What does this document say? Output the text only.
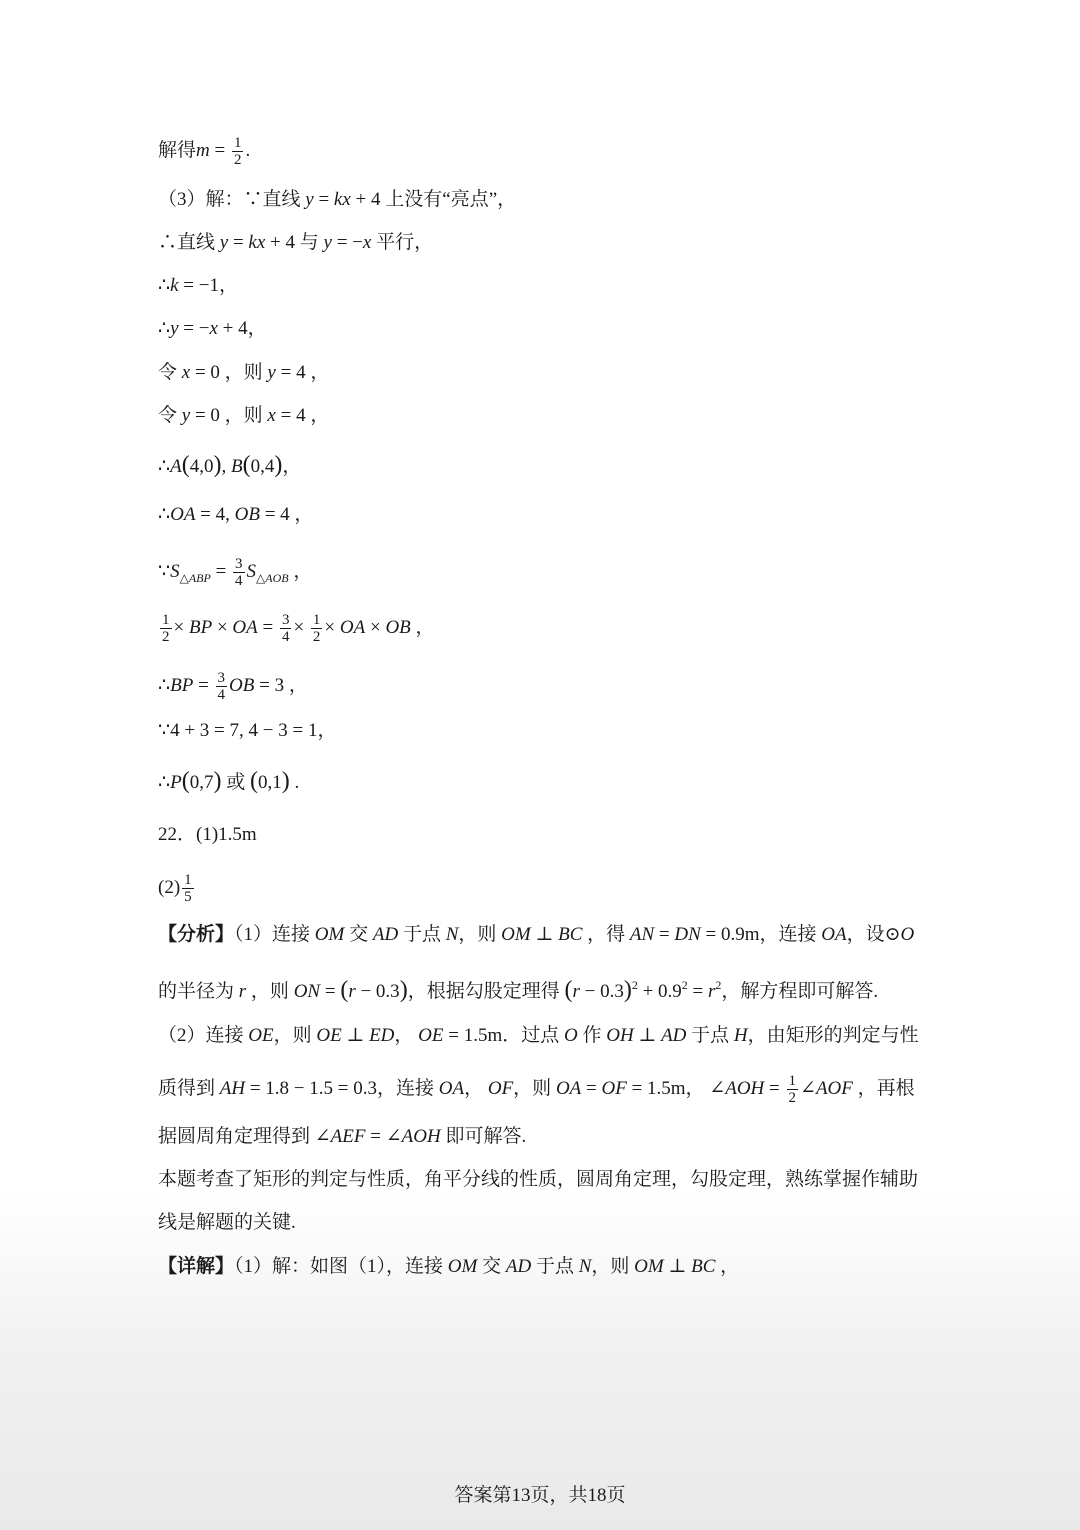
解得$m = \frac{1}{2}$ .
（3）解：∵直线 y = kx + 4 上没有“亮点”，
∴直线 y = kx + 4 与 y = −x 平行，
∴k = −1，
∴y = −x + 4，
令 x = 0 ，则 y = 4 ，
令 y = 0 ，则 x = 4 ，
∴A(4,0), B(0,4)，
∴OA = 4, OB = 4 ，
$\because S_{\triangle ABP} = \frac{3}{4} S_{\triangle AOB}$ ，
$\frac{1}{2}$ × BP × OA = $\frac{3}{4} \times \frac{1}{2}$ × OA × OB ，
∴BP = $\frac{3}{4}$ OB = 3 ，
∵4 + 3 = 7, 4 − 3 = 1，
∴P(0,7) 或 (0,1) .
22．(1)1.5m
$(2) \frac{1}{5}$
【分析】（1）连接 OM 交 AD 于点 N，则 OM ⊥ BC ，得 AN = DN = 0.9m，连接 OA，设⊙O
的半径为 r ，则 ON = (r − 0.3)，根据勾股定理得 $(r - 0.3)^2 + 0.9^2 = r^2$，解方程即可解答.
（2）连接 OE，则 OE ⊥ ED， OE = 1.5m．过点 O 作 OH ⊥ AD 于点 H，由矩形的判定与性
质得到 AH = 1.8 − 1.5 = 0.3，连接 OA， OF，则 OA = OF = 1.5m， ∠AOH = $\frac{1}{2}$ ∠AOF ，再根
据圆周角定理得到 ∠AEF = ∠AOH 即可解答.
本题考查了矩形的判定与性质，角平分线的性质，圆周角定理，勾股定理，熟练掌握作辅助
线是解题的关键.
【详解】（1）解：如图（1），连接 OM 交 AD 于点 N，则 OM ⊥ BC ，
答案第13页，共18页
